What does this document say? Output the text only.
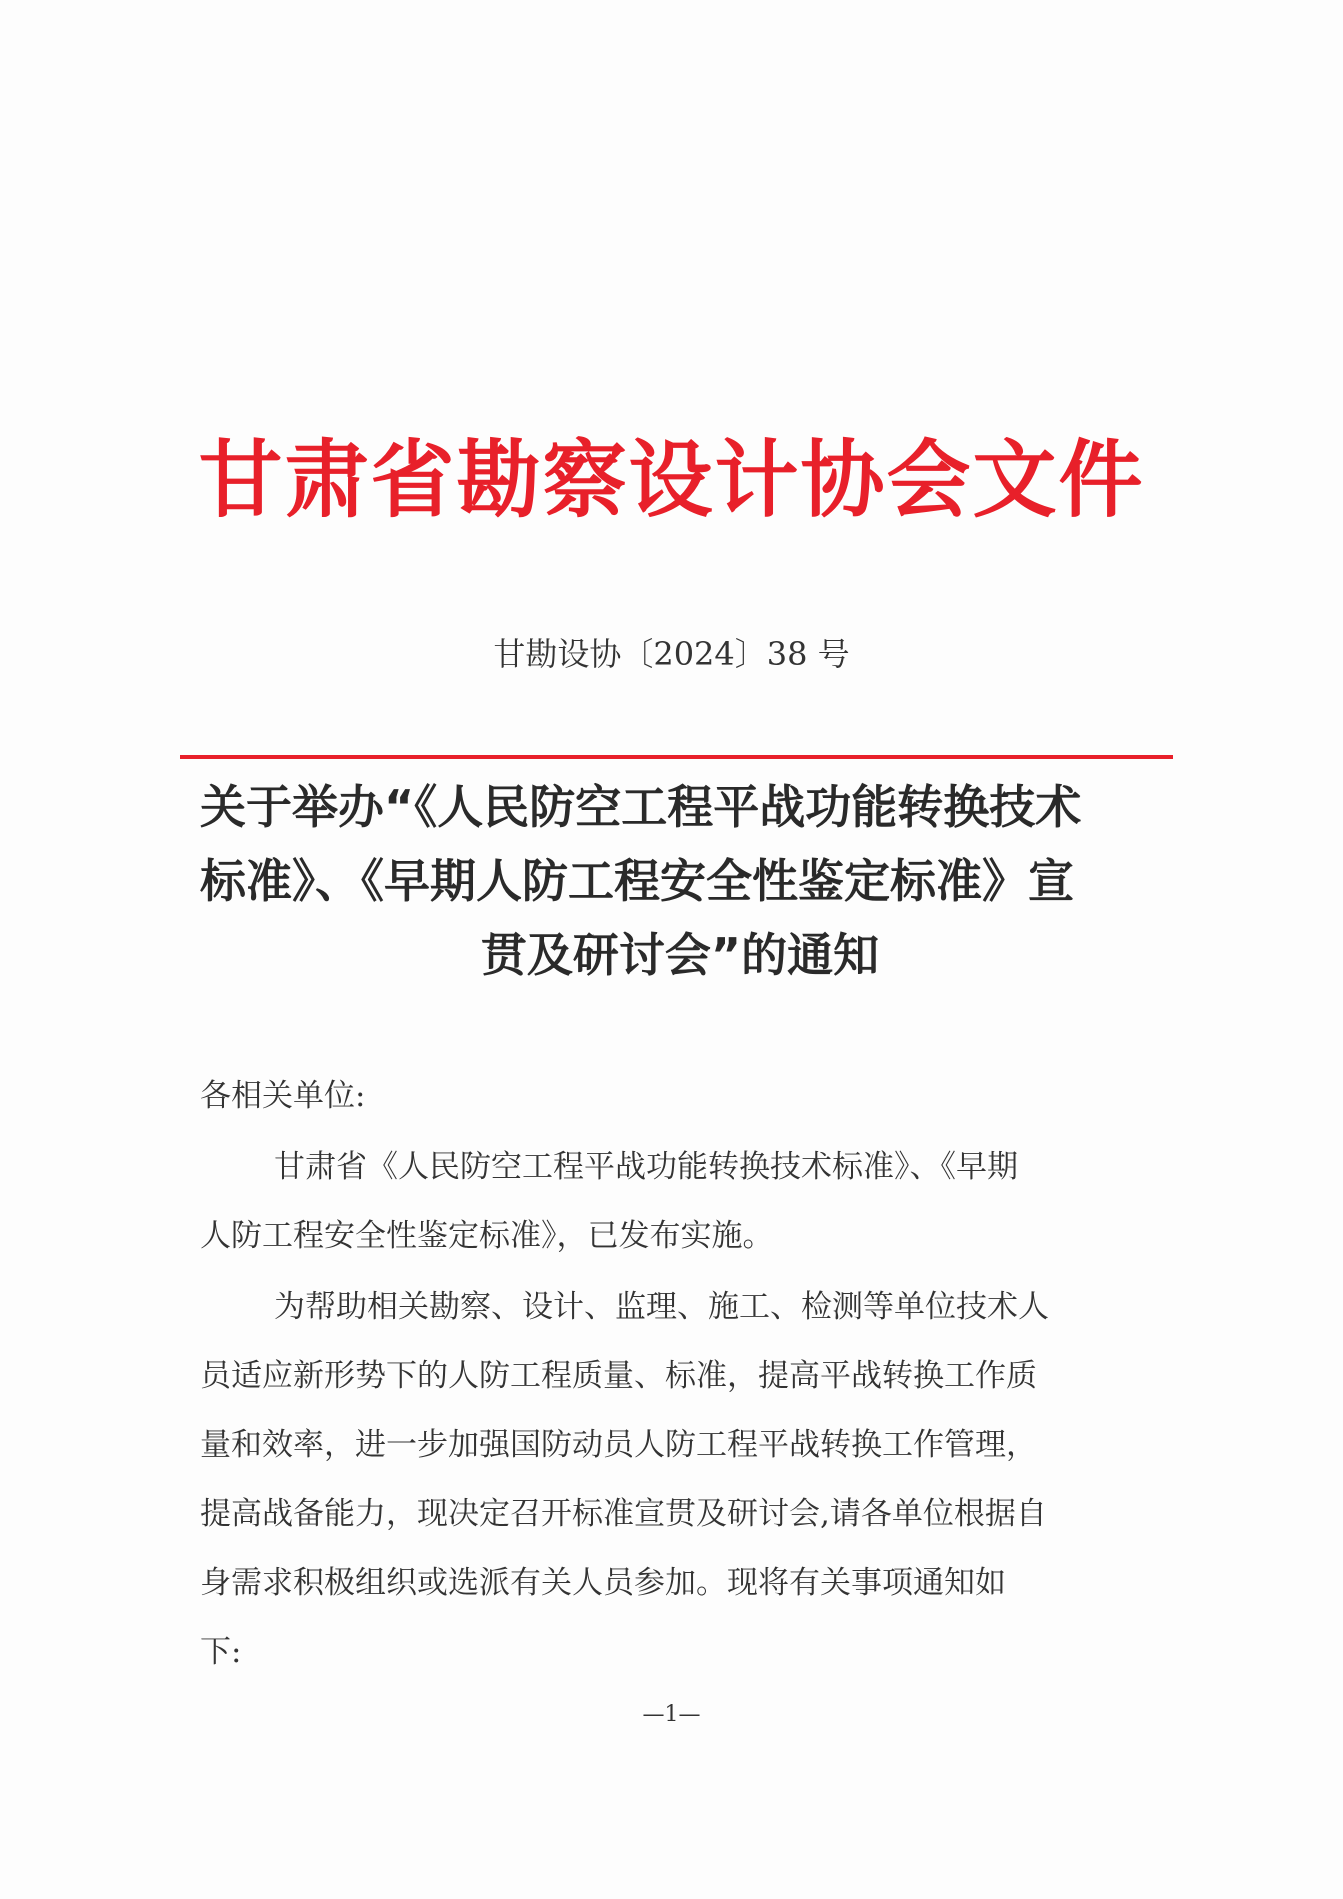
甘肃省勘察设计协会文件
甘勘设协〔2024〕38 号
关于举办“《人民防空工程平战功能转换技术
标准》、《早期人防工程安全性鉴定标准》宣
贯及研讨会”的通知
各相关单位:
甘肃省《人民防空工程平战功能转换技术标准》、《早期
人防工程安全性鉴定标准》，已发布实施。
为帮助相关勘察、设计、监理、施工、检测等单位技术人
员适应新形势下的人防工程质量、标准，提高平战转换工作质
量和效率，进一步加强国防动员人防工程平战转换工作管理，
提高战备能力，现决定召开标准宣贯及研讨会,请各单位根据自
身需求积极组织或选派有关人员参加。现将有关事项通知如
下:
—1—
